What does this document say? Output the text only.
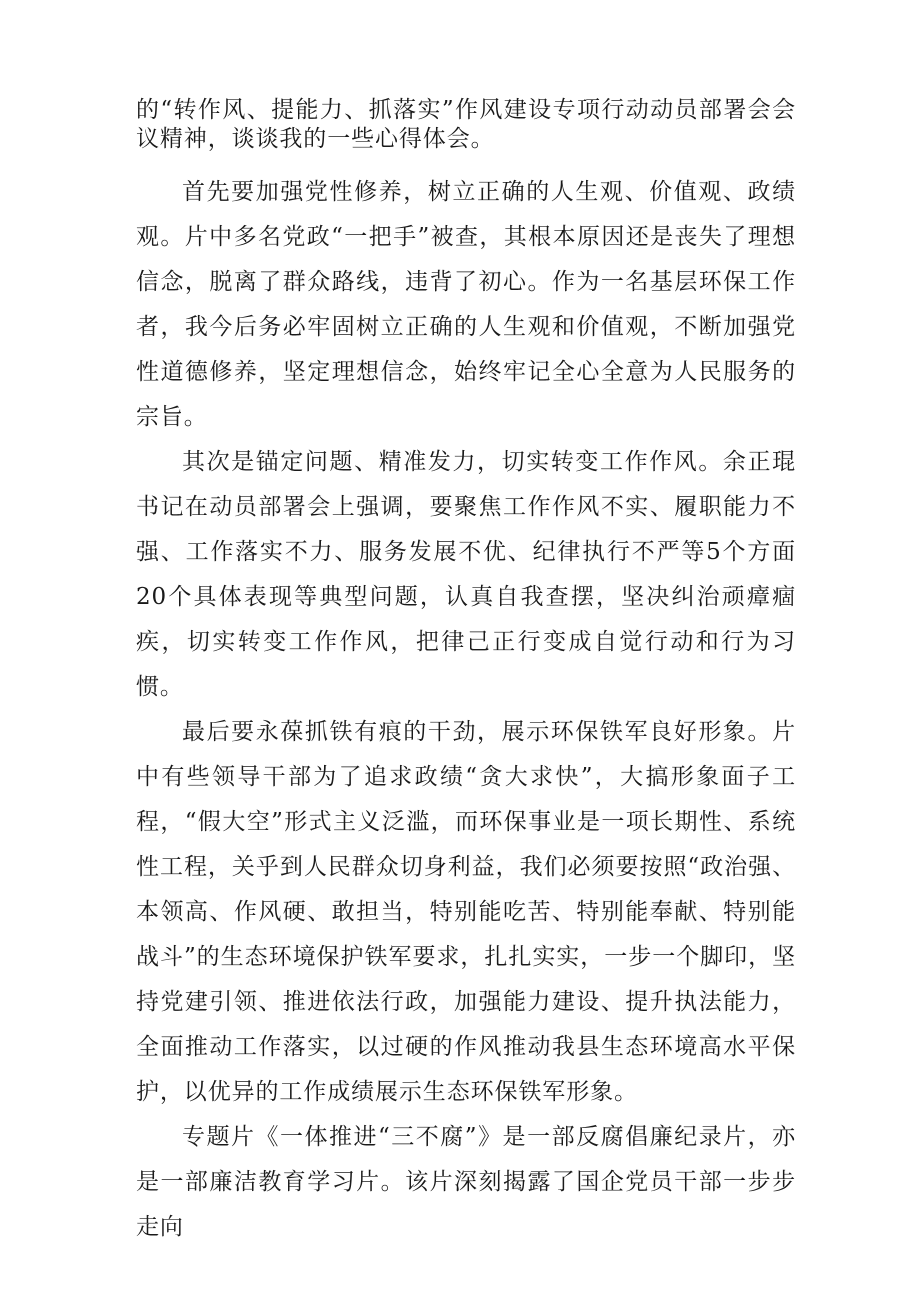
的“转作风、提能力、抓落实”作风建设专项行动动员部署会会议精神，谈谈我的一些心得体会。

首先要加强党性修养，树立正确的人生观、价值观、政绩观。片中多名党政“一把手”被查，其根本原因还是丧失了理想信念，脱离了群众路线，违背了初心。作为一名基层环保工作者，我今后务必牢固树立正确的人生观和价值观，不断加强党性道德修养，坚定理想信念，始终牢记全心全意为人民服务的宗旨。

其次是锚定问题、精准发力，切实转变工作作风。余正琨书记在动员部署会上强调，要聚焦工作作风不实、履职能力不强、工作落实不力、服务发展不优、纪律执行不严等5个方面20个具体表现等典型问题，认真自我查摆，坚决纠治顽瘴痼疾，切实转变工作作风，把律己正行变成自觉行动和行为习惯。

最后要永葆抓铁有痕的干劲，展示环保铁军良好形象。片中有些领导干部为了追求政绩“贪大求快”，大搞形象面子工程，“假大空”形式主义泛滥，而环保事业是一项长期性、系统性工程，关乎到人民群众切身利益，我们必须要按照“政治强、本领高、作风硬、敢担当，特别能吃苦、特别能奉献、特别能战斗”的生态环境保护铁军要求，扎扎实实，一步一个脚印，坚持党建引领、推进依法行政，加强能力建设、提升执法能力，全面推动工作落实，以过硬的作风推动我县生态环境高水平保护，以优异的工作成绩展示生态环保铁军形象。

专题片《一体推进“三不腐”》是一部反腐倡廉纪录片，亦是一部廉洁教育学习片。该片深刻揭露了国企党员干部一步步走向
